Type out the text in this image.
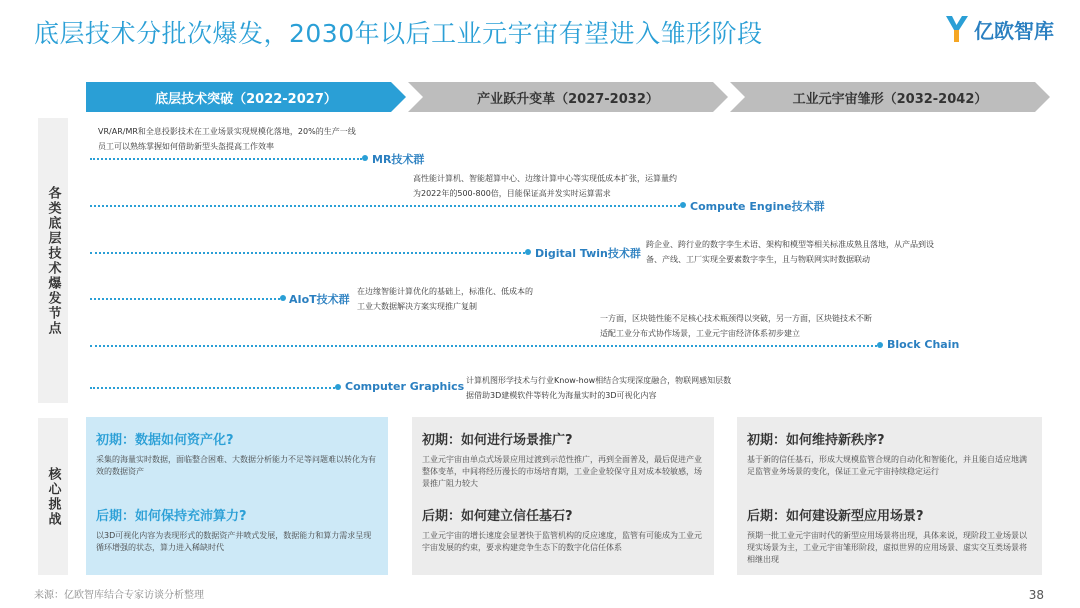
底层技术分批次爆发，2030年以后工业元宇宙有望进入雏形阶段	亿欧智库
底层技术突破（2022-2027）	产业跃升变革（2027-2032）	工业元宇宙雏形（2032-2042）
各类底层技术爆发节点
核心挑战
VR/AR/MR和全息投影技术在工业场景实现规模化落地，20%的生产一线员工可以熟练掌握如何借助新型头盔提高工作效率
MR技术群
高性能计算机、智能超算中心、边缘计算中心等实现低成本扩张，运算量约为2022年的500-800倍，目能保证高并发实时运算需求
Compute Engine技术群
Digital Twin技术群
跨企业、跨行业的数字孪生术语、架构和模型等相关标准成熟且落地，从产品到设备、产线、工厂实现全要素数字孪生，且与物联网实时数据联动
AIoT技术群
在边缘智能计算优化的基础上，标准化、低成本的工业大数据解决方案实现推广复制
一方面，区块链性能不足核心技术瓶颈得以突破，另一方面，区块链技术不断适配工业分布式协作场景，工业元宇宙经济体系初步建立
Block Chain
Computer Graphics 计算机图形学技术与行业Know-how相结合实现深度融合，物联网感知层数据借助3D建模软件等转化为海量实时的3D可视化内容
初期：数据如何资产化?

采集的海量实时数据，面临整合困难、大数据分析能力不足等问题难以转化为有效的数据资产

后期：如何保持充沛算力?

以3D可视化内容为表现形式的数据资产井喷式发展，数据能力和算力需求呈现循环增强的状态，算力进入稀缺时代

初期：如何进行场景推广?

工业元宇宙由单点式场景应用过渡到示范性推广，再到全面普及，最后促进产业整体变革，中间将经历漫长的市场培育期，工业企业较保守且对成本较敏感，场景推广阻力较大

后期：如何建立信任基石?

工业元宇宙的增长速度会显著快于监管机构的反应速度，监管有可能成为工业元宇宙发展的约束，要求构建竞争生态下的数字化信任体系

初期：如何维持新秩序?

基于新的信任基石，形成大规模监管合规的自动化和智能化，并且能自适应地满足监管业务场景的变化，保证工业元宇宙持续稳定运行

后期：如何建设新型应用场景?

预期一批工业元宇宙时代的新型应用场景将出现，具体来说，现阶段工业场景以现实场景为主，工业元宇宙雏形阶段，虚拟世界的应用场景、虚实交互类场景将相继出现

来源：亿欧智库结合专家访谈分析整理	38
